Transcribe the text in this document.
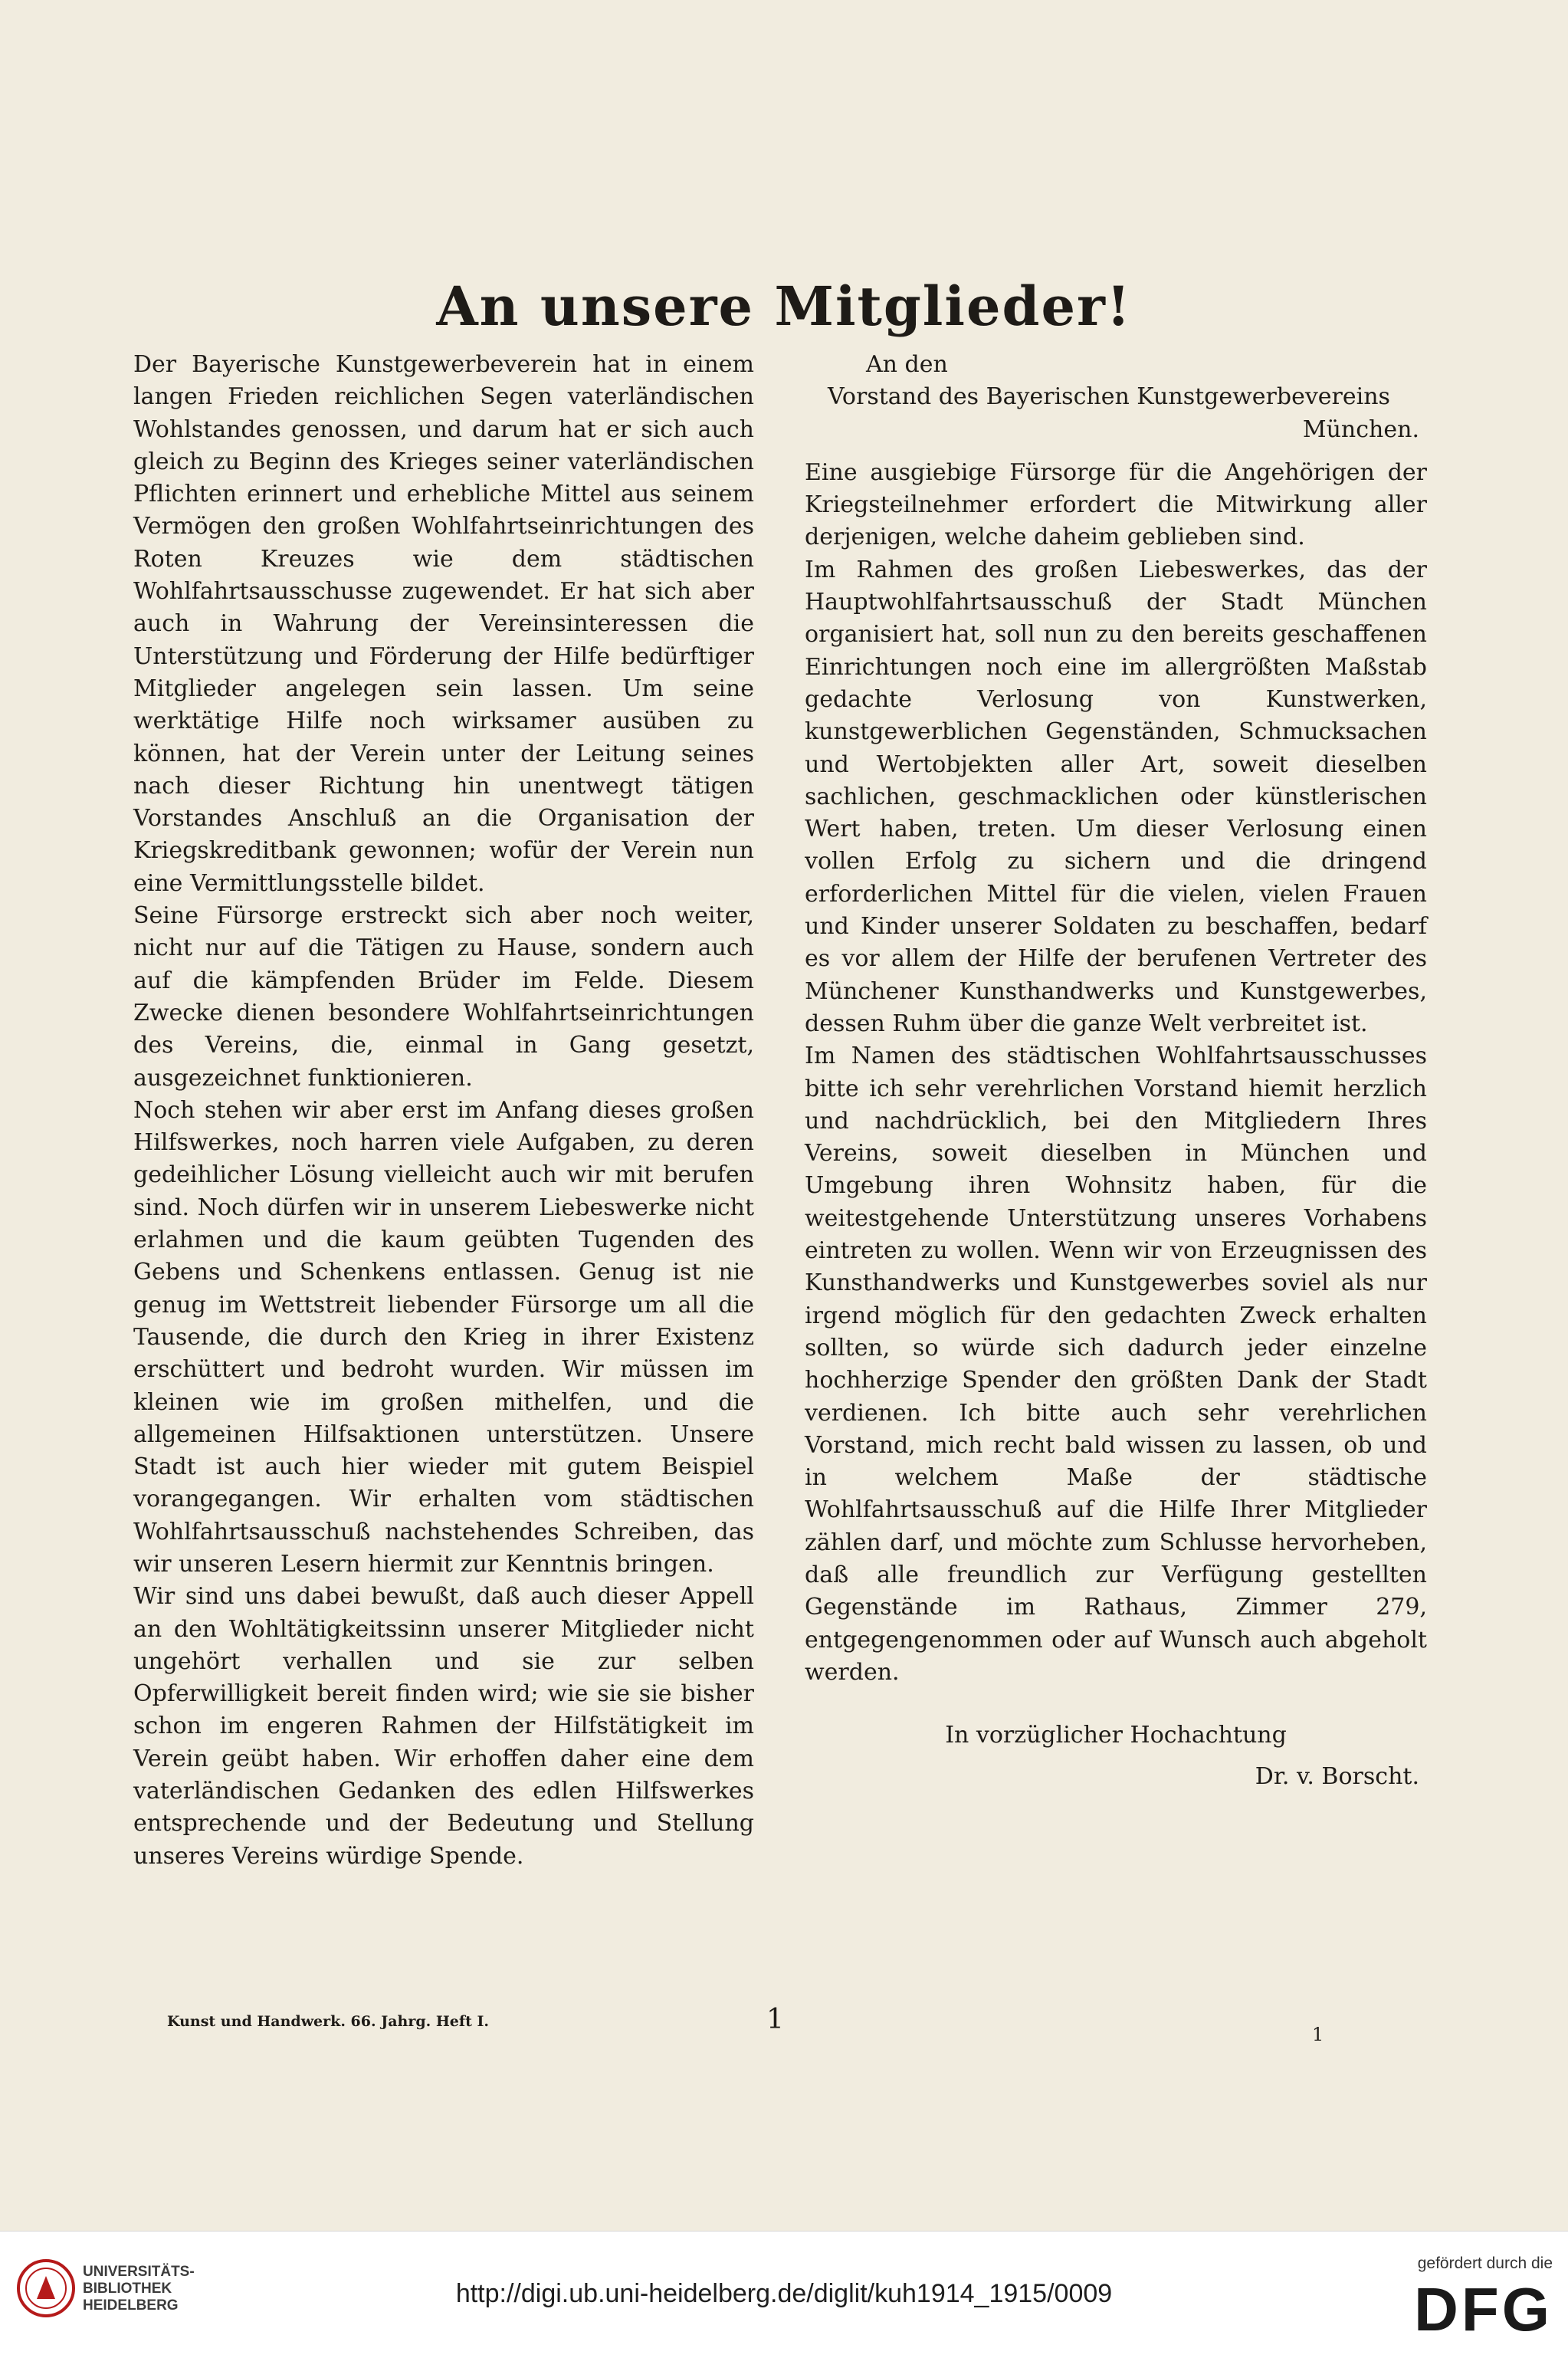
An unsere Mitglieder!

Der Bayerische Kunstgewerbeverein hat in einem langen Frieden reichlichen Segen vaterländischen Wohlstandes genossen, und darum hat er sich auch gleich zu Beginn des Krieges seiner vaterländischen Pflichten erinnert und erhebliche Mittel aus seinem Vermögen den großen Wohlfahrtseinrichtungen des Roten Kreuzes wie dem städtischen Wohlfahrtsausschusse zugewendet. Er hat sich aber auch in Wahrung der Vereinsinteressen die Unterstützung und Förderung der Hilfe bedürftiger Mitglieder angelegen sein lassen. Um seine werktätige Hilfe noch wirksamer ausüben zu können, hat der Verein unter der Leitung seines nach dieser Richtung hin unentwegt tätigen Vorstandes Anschluß an die Organisation der Kriegskreditbank gewonnen; wofür der Verein nun eine Vermittlungsstelle bildet.

Seine Fürsorge erstreckt sich aber noch weiter, nicht nur auf die Tätigen zu Hause, sondern auch auf die kämpfenden Brüder im Felde. Diesem Zwecke dienen besondere Wohlfahrtseinrichtungen des Vereins, die, einmal in Gang gesetzt, ausgezeichnet funktionieren.

Noch stehen wir aber erst im Anfang dieses großen Hilfswerkes, noch harren viele Aufgaben, zu deren gedeihlicher Lösung vielleicht auch wir mit berufen sind. Noch dürfen wir in unserem Liebeswerke nicht erlahmen und die kaum geübten Tugenden des Gebens und Schenkens entlassen. Genug ist nie genug im Wettstreit liebender Fürsorge um all die Tausende, die durch den Krieg in ihrer Existenz erschüttert und bedroht wurden. Wir müssen im kleinen wie im großen mithelfen, und die allgemeinen Hilfsaktionen unterstützen. Unsere Stadt ist auch hier wieder mit gutem Beispiel vorangegangen. Wir erhalten vom städtischen Wohlfahrtsausschuß nachstehendes Schreiben, das wir unseren Lesern hiermit zur Kenntnis bringen.

Wir sind uns dabei bewußt, daß auch dieser Appell an den Wohltätigkeitssinn unserer Mitglieder nicht ungehört verhallen und sie zur selben Opferwilligkeit bereit finden wird; wie sie sie bisher schon im engeren Rahmen der Hilfstätigkeit im Verein geübt haben. Wir erhoffen daher eine dem vaterländischen Gedanken des edlen Hilfswerkes entsprechende und der Bedeutung und Stellung unseres Vereins würdige Spende.

An den

Vorstand des Bayerischen Kunstgewerbevereins

München.

Eine ausgiebige Fürsorge für die Angehörigen der Kriegsteilnehmer erfordert die Mitwirkung aller derjenigen, welche daheim geblieben sind.

Im Rahmen des großen Liebeswerkes, das der Hauptwohlfahrtsausschuß der Stadt München organisiert hat, soll nun zu den bereits geschaffenen Einrichtungen noch eine im allergrößten Maßstab gedachte Verlosung von Kunstwerken, kunstgewerblichen Gegenständen, Schmucksachen und Wertobjekten aller Art, soweit dieselben sachlichen, geschmacklichen oder künstlerischen Wert haben, treten. Um dieser Verlosung einen vollen Erfolg zu sichern und die dringend erforderlichen Mittel für die vielen, vielen Frauen und Kinder unserer Soldaten zu beschaffen, bedarf es vor allem der Hilfe der berufenen Vertreter des Münchener Kunsthandwerks und Kunstgewerbes, dessen Ruhm über die ganze Welt verbreitet ist.

Im Namen des städtischen Wohlfahrtsausschusses bitte ich sehr verehrlichen Vorstand hiemit herzlich und nachdrücklich, bei den Mitgliedern Ihres Vereins, soweit dieselben in München und Umgebung ihren Wohnsitz haben, für die weitestgehende Unterstützung unseres Vorhabens eintreten zu wollen. Wenn wir von Erzeugnissen des Kunsthandwerks und Kunstgewerbes soviel als nur irgend möglich für den gedachten Zweck erhalten sollten, so würde sich dadurch jeder einzelne hochherzige Spender den größten Dank der Stadt verdienen. Ich bitte auch sehr verehrlichen Vorstand, mich recht bald wissen zu lassen, ob und in welchem Maße der städtische Wohlfahrtsausschuß auf die Hilfe Ihrer Mitglieder zählen darf, und möchte zum Schlusse hervorheben, daß alle freundlich zur Verfügung gestellten Gegenstände im Rathaus, Zimmer 279, entgegengenommen oder auf Wunsch auch abgeholt werden.

In vorzüglicher Hochachtung

Dr. v. Borscht.

Kunst und Handwerk. 66. Jahrg. Heft I.	1	1
UNIVERSITÄTS-
BIBLIOTHEK
HEIDELBERG	http://digi.ub.uni-heidelberg.de/diglit/kuh1914_1915/0009
gefördert durch die
DFG
